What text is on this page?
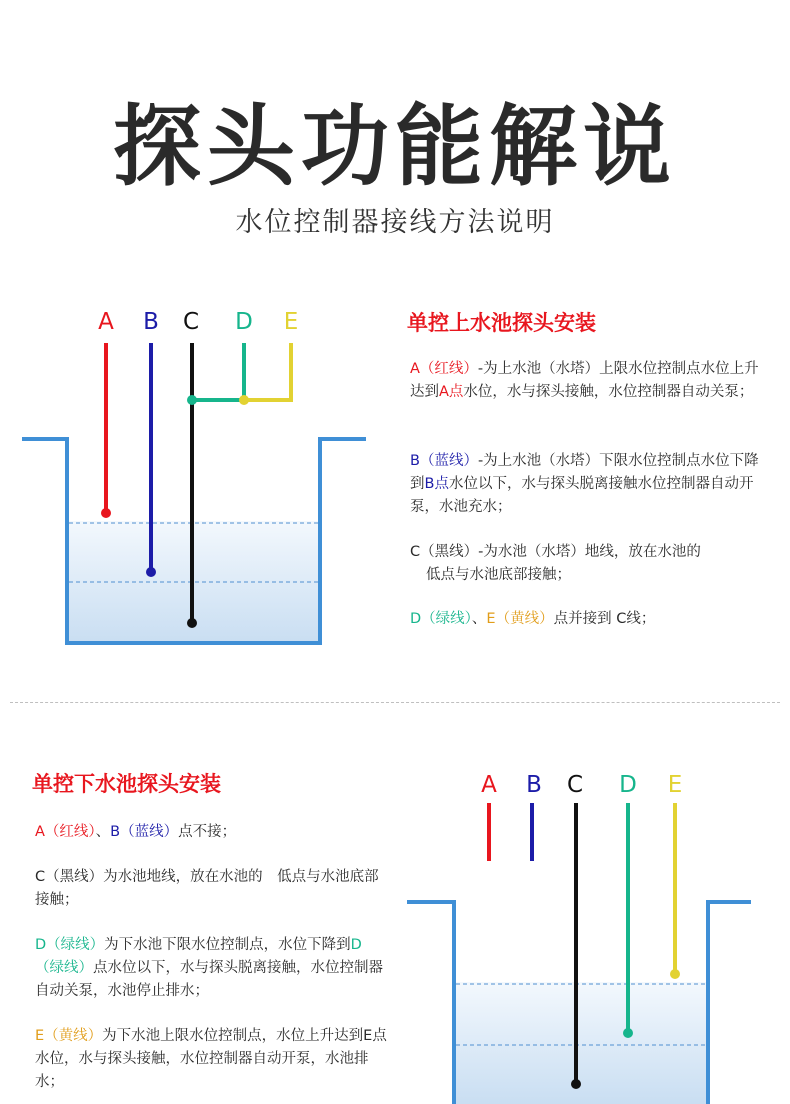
探头功能解说
水位控制器接线方法说明
A B C D E	单控上水池探头安装
A（红线）-为上水池（水塔）上限水位控制点水位上升达到A点水位，水与探头接触，水位控制器自动关泵；
B（蓝线）-为上水池（水塔）下限水位控制点水位下降到B点水位以下，水与探头脱离接触水位控制器自动开泵，水池充水；
C（黑线）-为水池（水塔）地线，放在水池的
低点与水池底部接触；
D（绿线）、E（黄线）点并接到 C线；
单控下水池探头安装
A（红线）、B（蓝线）点不接；
C（黑线）为水池地线，放在水池的　低点与水池底部接触；
D（绿线）为下水池下限水位控制点，水位下降到D（绿线）点水位以下，水与探头脱离接触，水位控制器自动关泵，水池停止排水；
E（黄线）为下水池上限水位控制点，水位上升达到E点水位，水与探头接触，水位控制器自动开泵，水池排水；
A B C D E
